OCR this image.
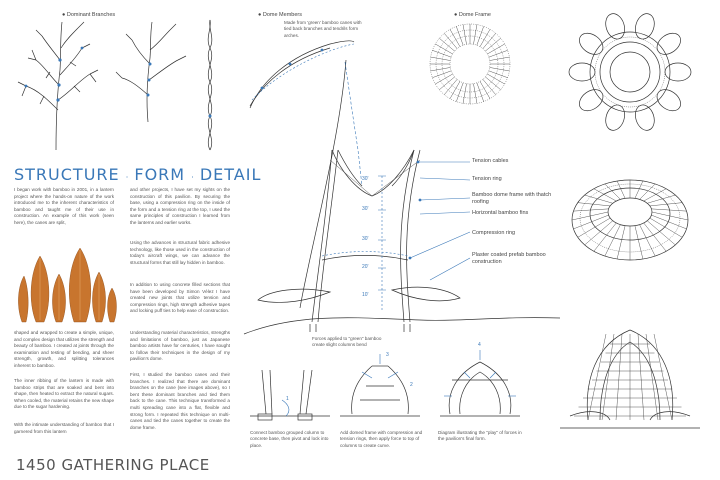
● Dominant Branches
STRUCTURE · FORM · DETAIL
I began work with bamboo in 2001, in a lantern project where the hands-on nature of the work introduced me to the inherent characteristics of bamboo and taught me of their use in construction. An example of this work (seen here), the canes are split,
shaped and wrapped to create a simple, unique, and complex design that utilizes the strength and beauty of bamboo. I created at joints through the examination and testing of bending, and sheer strength, growth, and splitting tolerances inherent to bamboo.
The inner ribbing of the lantern is made with bamboo strips that are soaked and bent into shape, then heated to extract the natural sugars. When cooled, the material retains the new shape due to the sugar hardening.
With the intimate understanding of bamboo that I garnered from this lantern
and other projects, I have set my sights on the construction of this pavilion. By securing the base, using a compression ring on the inside of the form and a tension ring at the top, I used the same principles of construction I learned from the lanterns and earlier works.
Using the advances in structural fabric adhesive technology, like those used in the construction of today's aircraft wings, we can advance the structural forms that still lay hidden in bamboo.
In addition to using concrete filled sections that have been developed by Simon Vélez I have created new joints that utilize tension and compression rings, high strength adhesive tapes and locking puff ties to help ease of construction.
Understanding material characteristics, strengths and limitations of bamboo, just as Japanese bamboo artists have for centuries, I have sought to follow their techniques in the design of my pavilion's dome.
First, I studied the bamboo canes and their branches. I realized that there are dominant branches on the cane (see images above), so I bent these dominant branches and tied them back to the cane. This technique transformed a multi spreading cane into a flat, flexible and strong form. I repeated this technique on multi-canes and tied the canes together to create the dome frame.
1450 GATHERING PLACE
● Dome Members
Made from 'green' bamboo canes with tied back branches and tendrils form arches.
● Dome Frame
30'
30'
30'
20'
10'
Tension cables
Tension ring
Bamboo dome frame with thatch roofing
Horizontal bamboo fins
Compression ring
Plaster coated prefab bamboo construction
1
2
3
4
Forces applied to "green" bamboo create slight columns bend
Connect bamboo grouped column to concrete base, then pivot and lock into place.
Add domed frame with compression and tension rings, then apply force to top of columns to create curve.
Diagram illustrating the "play" of forces in the pavilion's final form.
